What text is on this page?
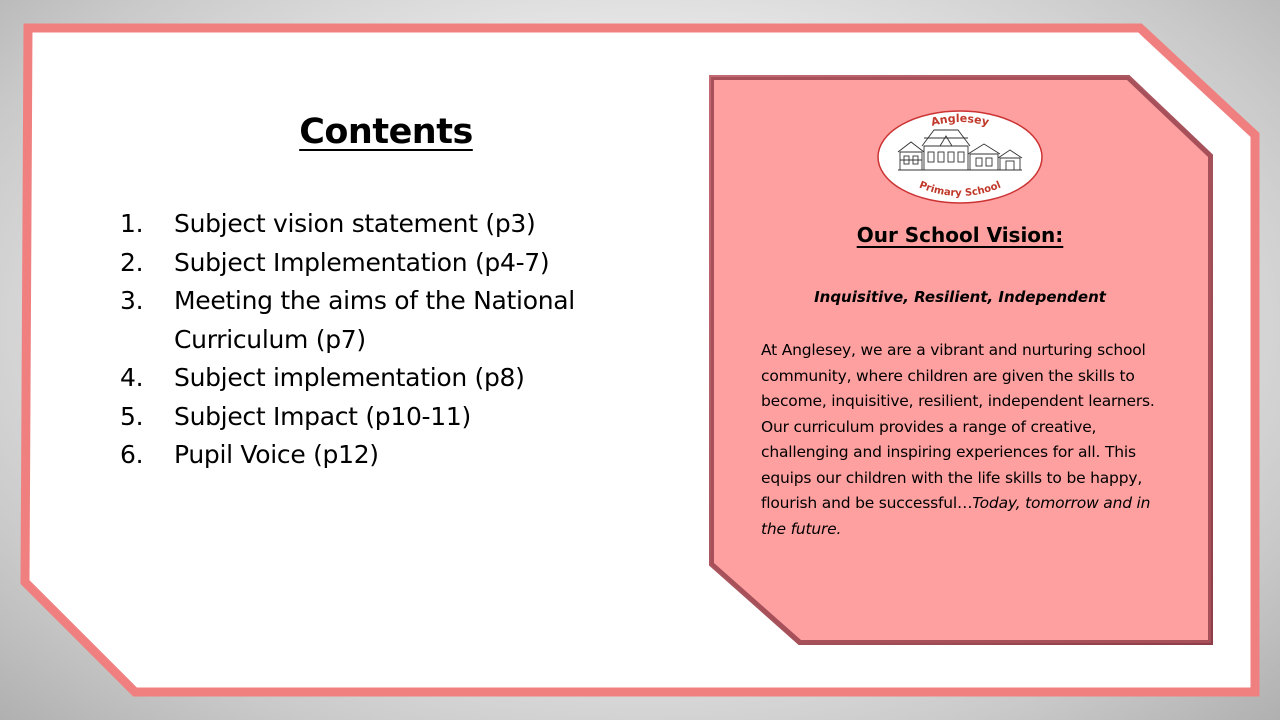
Contents
1.	Subject vision statement (p3)
2.	Subject Implementation (p4-7)
3.	Meeting the aims of the National Curriculum (p7)
4.	Subject implementation (p8)
5.	Subject Impact (p10-11)
6.	Pupil Voice (p12)
Anglesey
Primary School
Our School Vision:

Inquisitive, Resilient, Independent

At Anglesey, we are a vibrant and nurturing school community, where children are given the skills to become, inquisitive, resilient, independent learners.

Our curriculum provides a range of creative, challenging and inspiring experiences for all. This equips our children with the life skills to be happy, flourish and be successful…Today, tomorrow and in the future.
